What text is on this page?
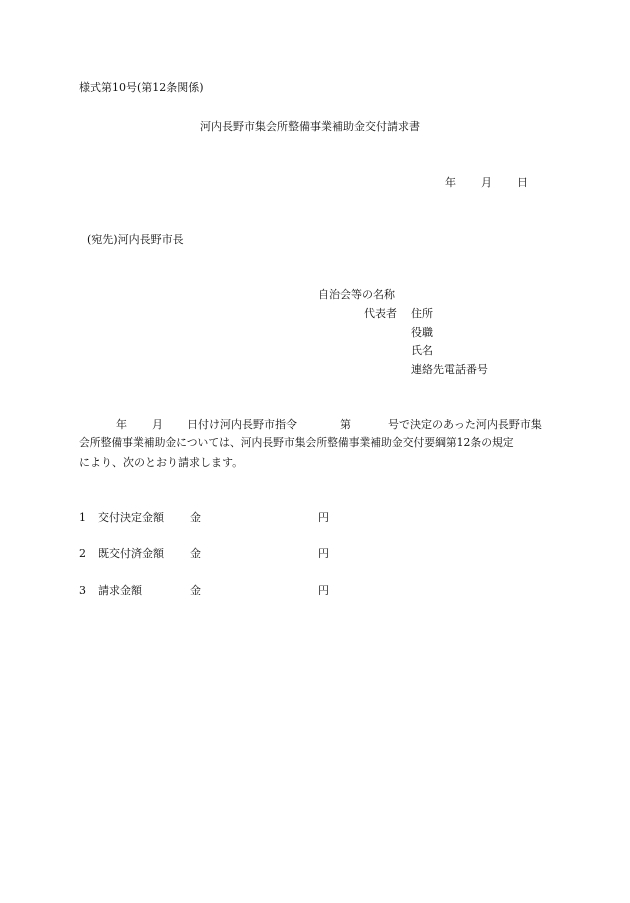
様式第10号(第12条関係)
河内長野市集会所整備事業補助金交付請求書
年 月 日
(宛先)河内長野市長
自治会等の名称
代表者 住所
役職
氏名
連絡先電話番号
年 月 日付け河内長野市指令	第	号で決定のあった河内長野市集
会所整備事業補助金については、河内長野市集会所整備事業補助金交付要綱第12条の規定
により、次のとおり請求します。
1 交付決定金額 金	円
2 既交付済金額 金	円
3 請求金額	金	円
